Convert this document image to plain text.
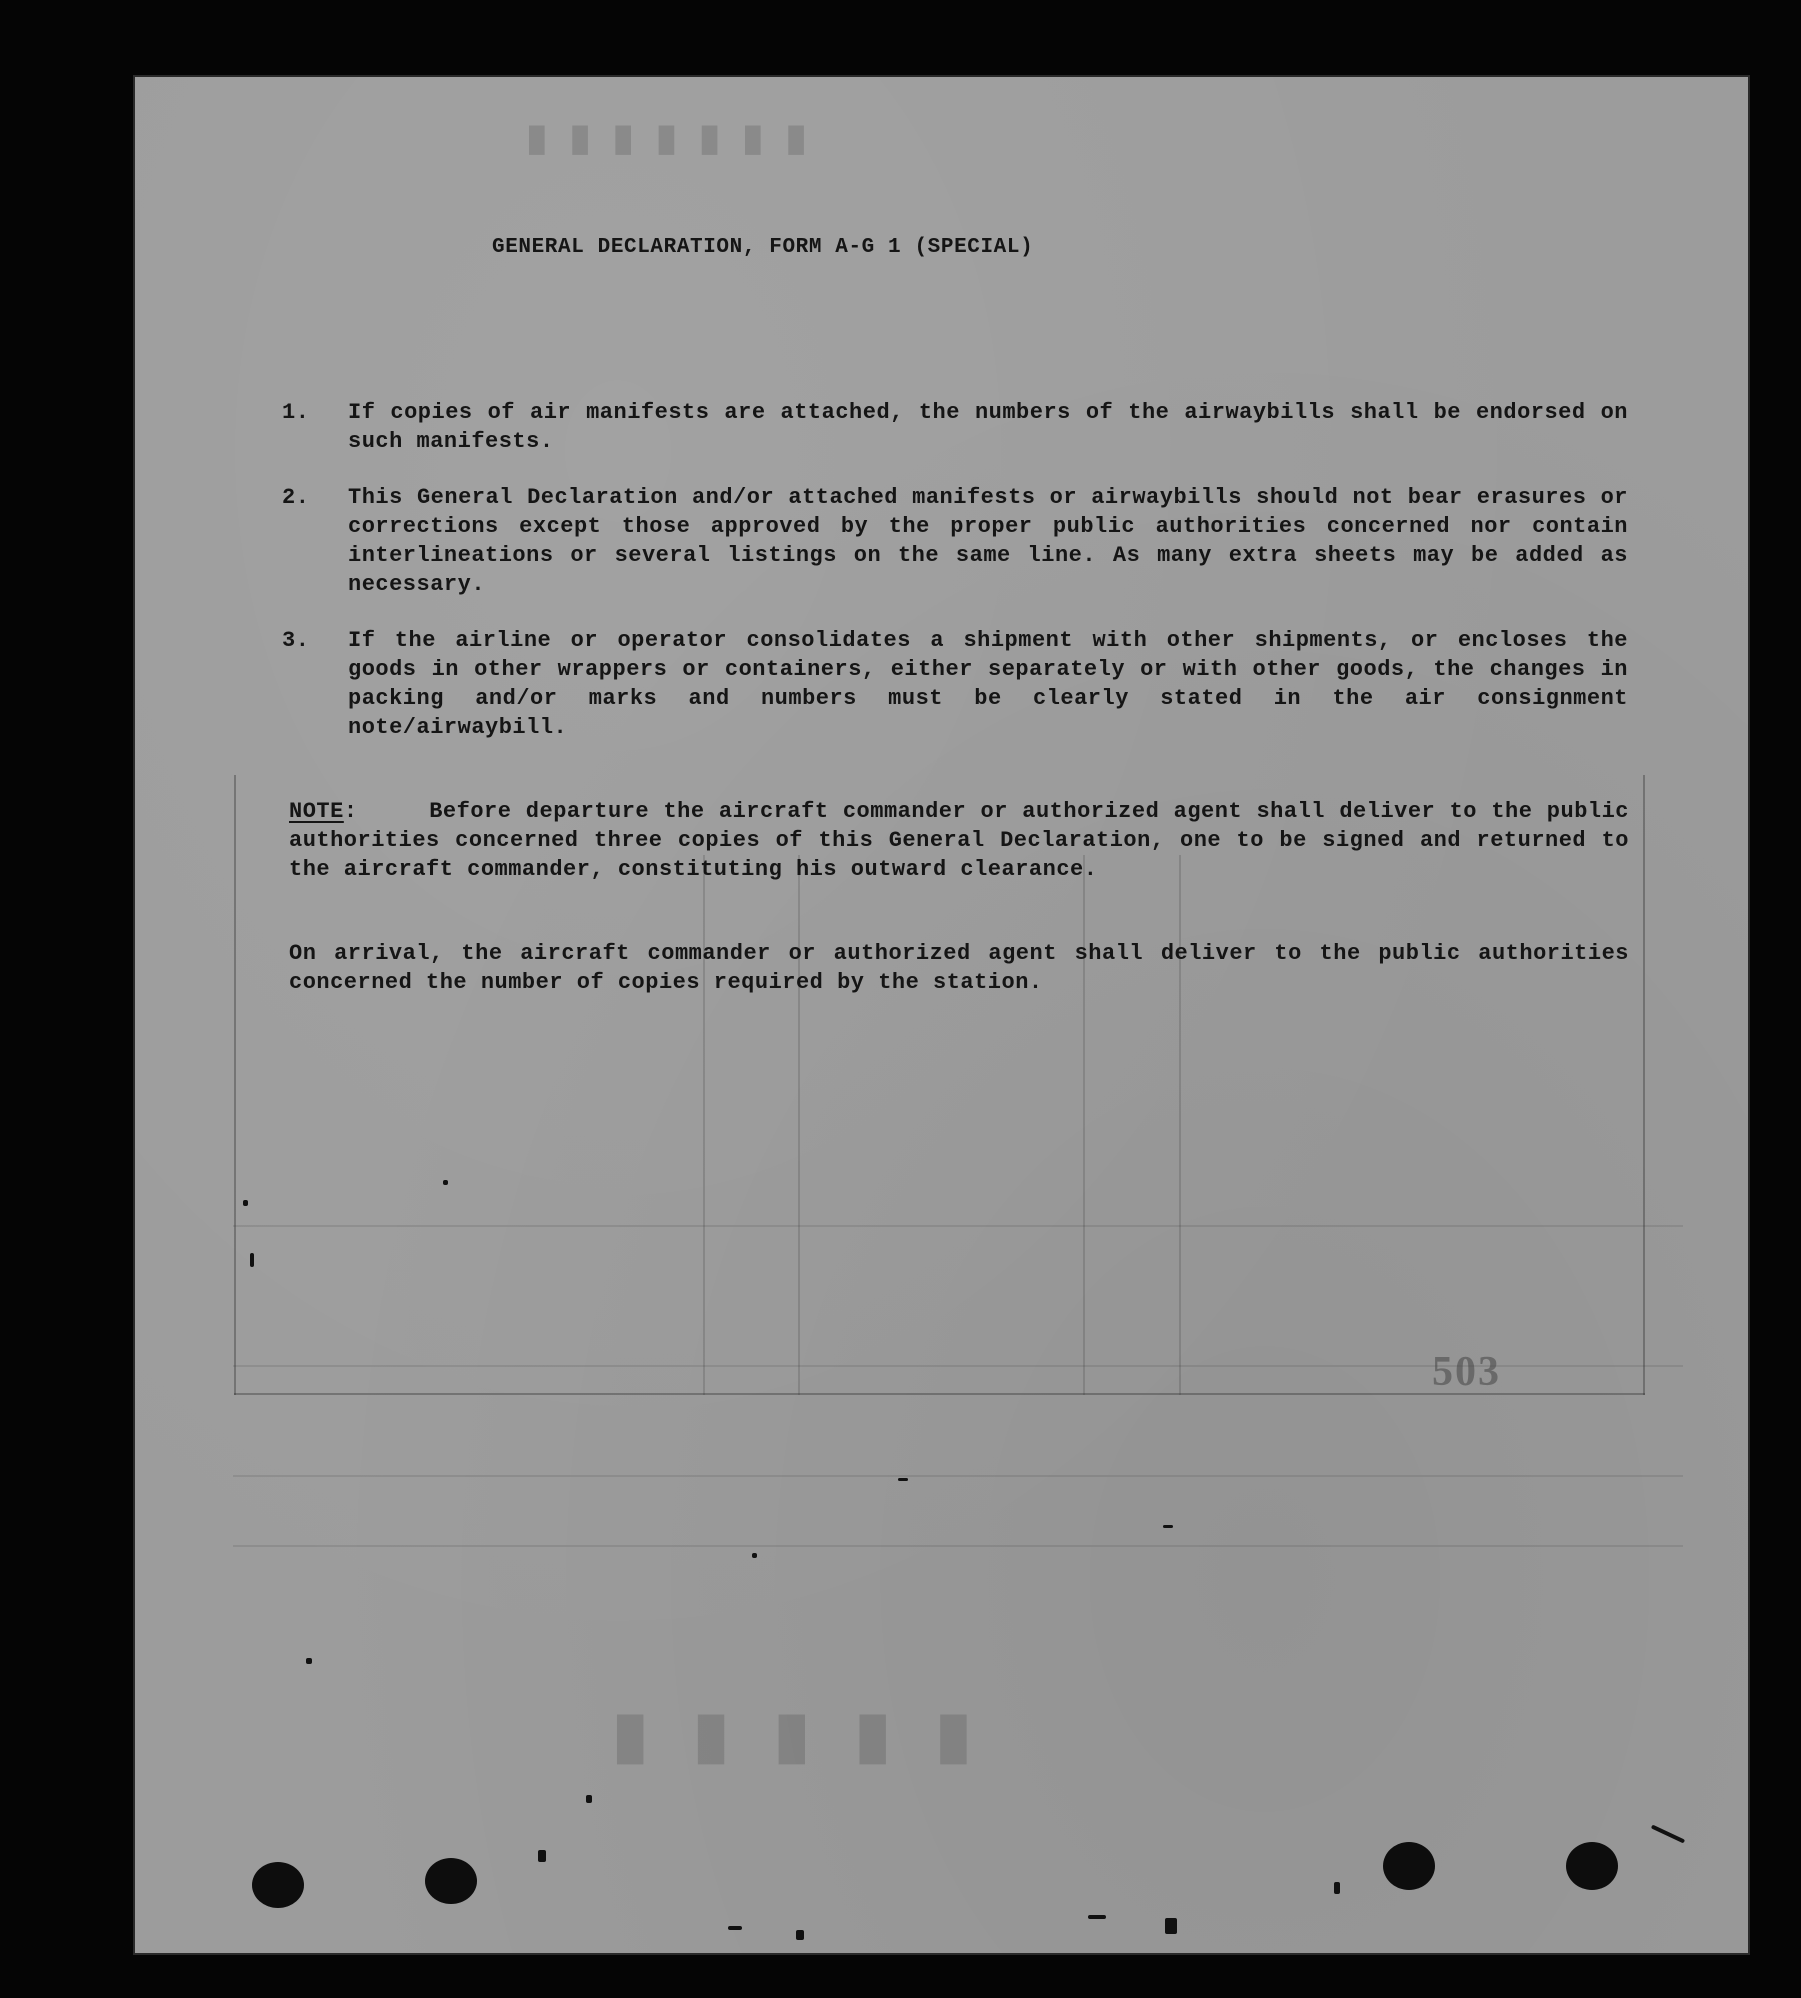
█ █ █ █ █ █ █
█ █ █ █ █
GENERAL DECLARATION, FORM A-G 1 (SPECIAL)
1. If copies of air manifests are attached, the numbers of the airwaybills shall be endorsed on such manifests.
2. This General Declaration and/or attached manifests or airwaybills should not bear erasures or corrections except those approved by the proper public authorities concerned nor contain interlineations or several listings on the same line. As many extra sheets may be added as necessary.
3. If the airline or operator consolidates a shipment with other shipments, or encloses the goods in other wrappers or containers, either separately or with other goods, the changes in packing and/or marks and numbers must be clearly stated in the air consignment note/airwaybill.
NOTE:	Before departure the aircraft commander or authorized agent shall deliver to the public authorities concerned three copies of this General Declaration, one to be signed and returned to the aircraft commander, constituting his outward clearance.
On arrival, the aircraft commander or authorized agent shall deliver to the public authorities concerned the number of copies required by the station.
503
